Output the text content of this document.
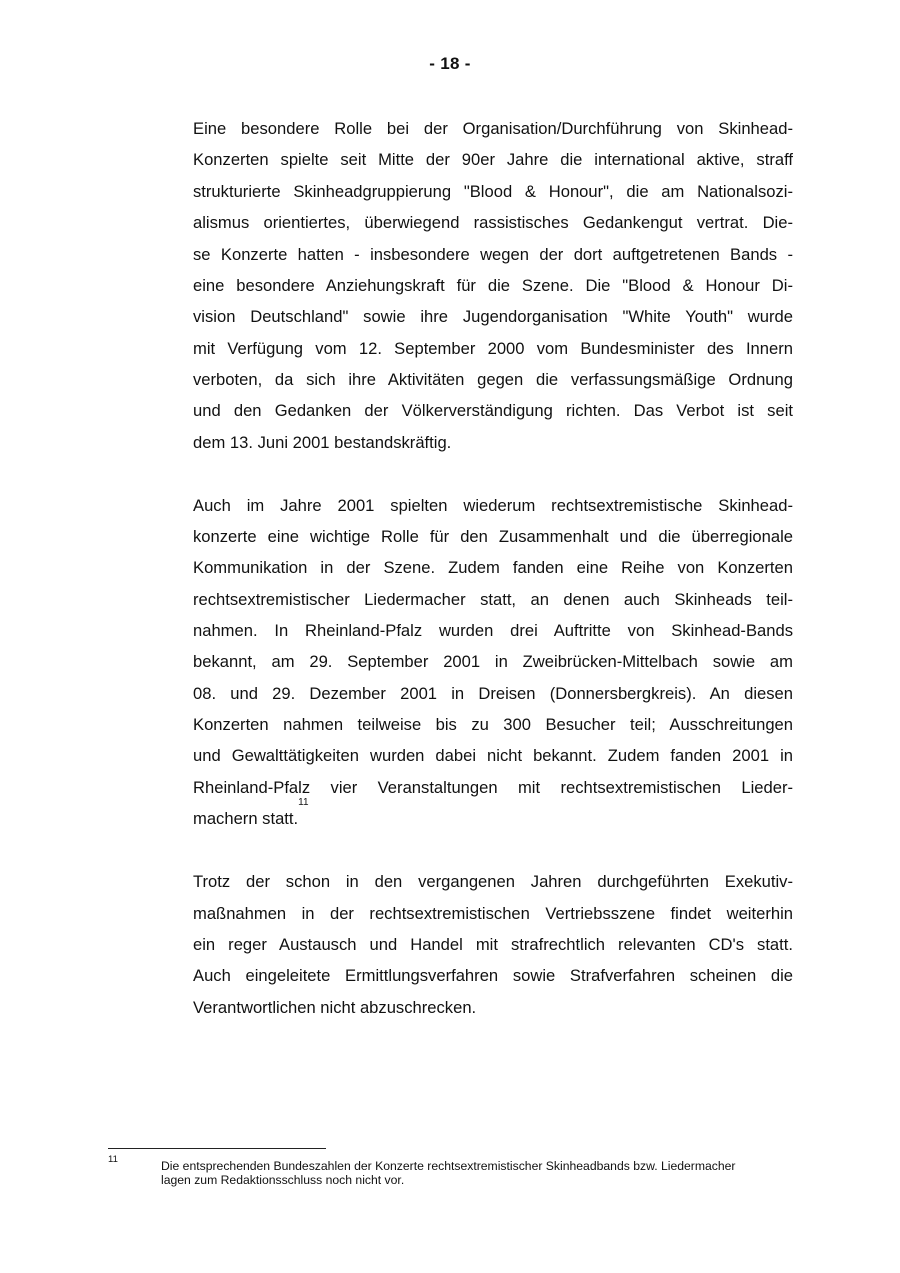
- 18 -
Eine besondere Rolle bei der Organisation/Durchführung von Skinhead-
Konzerten spielte seit Mitte der 90er Jahre die international aktive, straff
strukturierte Skinheadgruppierung "Blood & Honour", die am Nationalsozi-
alismus orientiertes, überwiegend rassistisches Gedankengut vertrat. Die-
se Konzerte hatten - insbesondere wegen der dort auftgetretenen Bands -
eine besondere Anziehungskraft für die Szene. Die "Blood & Honour Di-
vision Deutschland" sowie ihre Jugendorganisation "White Youth" wurde
mit Verfügung vom 12. September 2000 vom Bundesminister des Innern
verboten, da sich ihre Aktivitäten gegen die verfassungsmäßige Ordnung
und den Gedanken der Völkerverständigung richten. Das Verbot ist seit
dem 13. Juni 2001 bestandskräftig.
Auch im Jahre 2001 spielten wiederum rechtsextremistische Skinhead-
konzerte eine wichtige Rolle für den Zusammenhalt und die überregionale
Kommunikation in der Szene. Zudem fanden eine Reihe von Konzerten
rechtsextremistischer Liedermacher statt, an denen auch Skinheads teil-
nahmen. In Rheinland-Pfalz wurden drei Auftritte von Skinhead-Bands
bekannt, am 29. September 2001 in Zweibrücken-Mittelbach sowie am
08. und 29. Dezember 2001 in Dreisen (Donnersbergkreis). An diesen
Konzerten nahmen teilweise bis zu 300 Besucher teil; Ausschreitungen
und Gewalttätigkeiten wurden dabei nicht bekannt. Zudem fanden 2001 in
Rheinland-Pfalz vier Veranstaltungen mit rechtsextremistischen Lieder-
machern statt.$^{11}$
Trotz der schon in den vergangenen Jahren durchgeführten Exekutiv-
maßnahmen in der rechtsextremistischen Vertriebsszene findet weiterhin
ein reger Austausch und Handel mit strafrechtlich relevanten CD's statt.
Auch eingeleitete Ermittlungsverfahren sowie Strafverfahren scheinen die
Verantwortlichen nicht abzuschrecken.
11	Die entsprechenden Bundeszahlen der Konzerte rechtsextremistischer Skinheadbands bzw. Liedermacher
lagen zum Redaktionsschluss noch nicht vor.
